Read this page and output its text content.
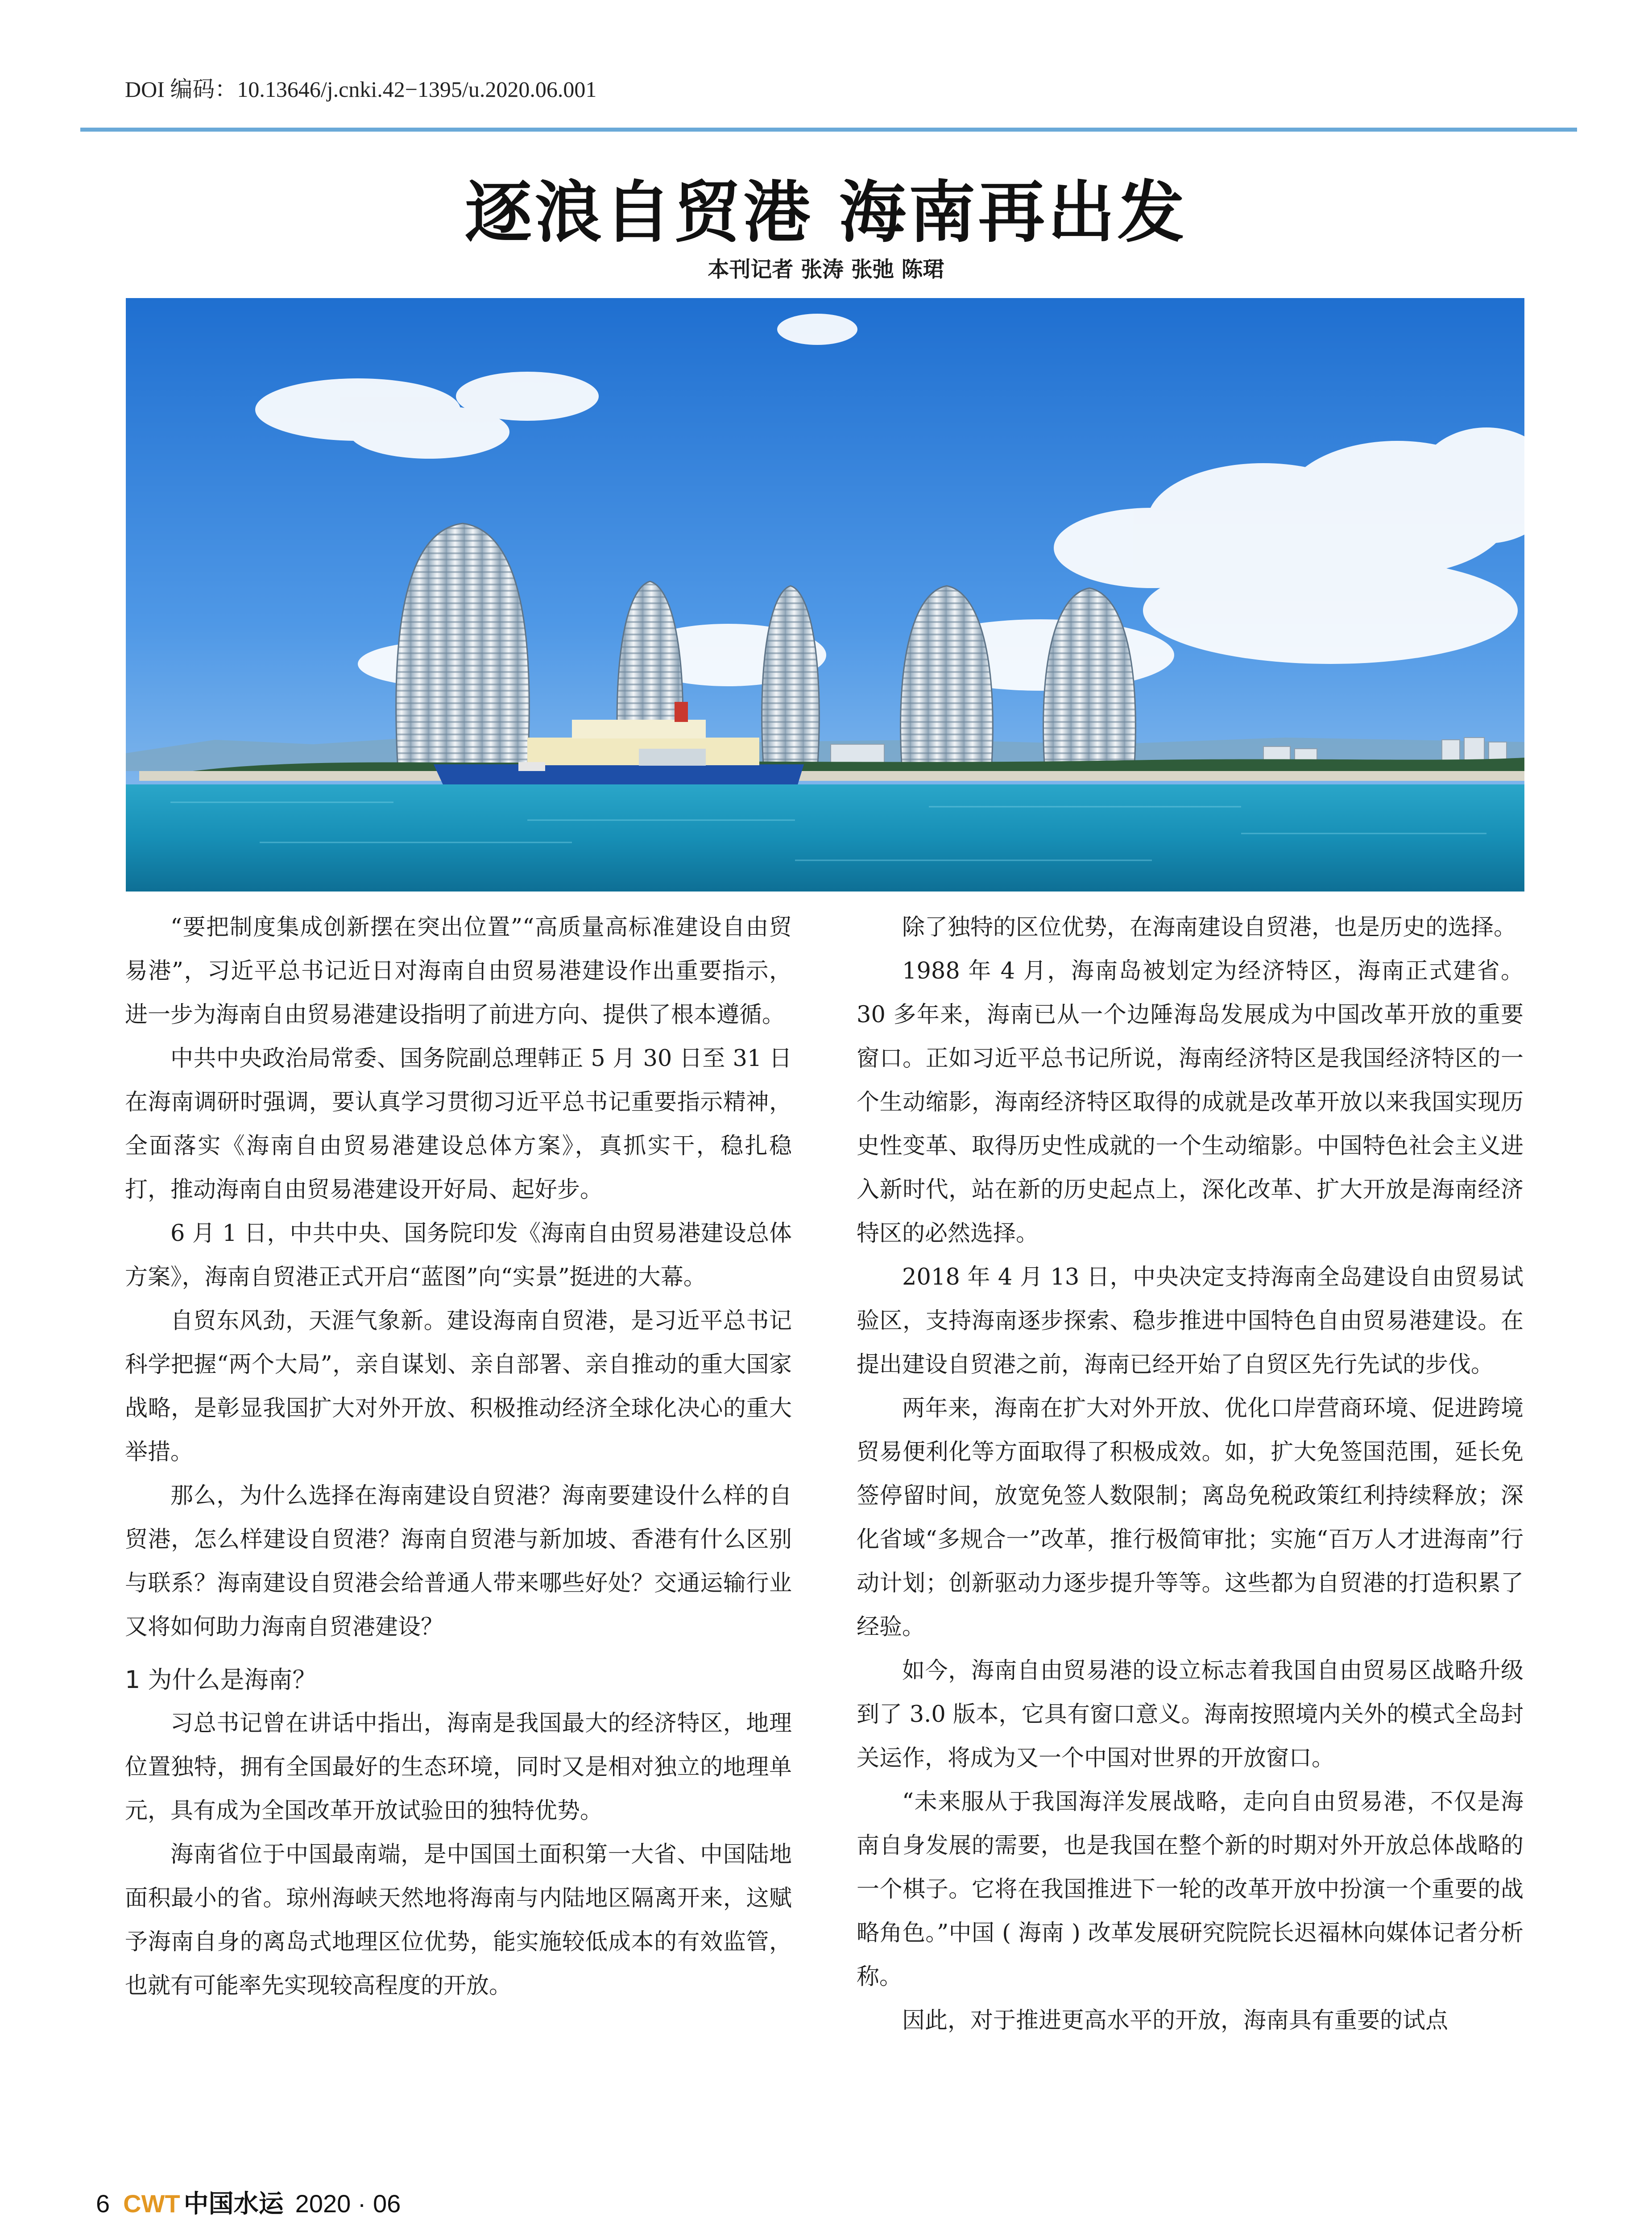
DOI 编码：10.13646/j.cnki.42−1395/u.2020.06.001
逐浪自贸港 海南再出发
本刊记者 张涛 张弛 陈珺

“要把制度集成创新摆在突出位置”“高质量高标准建设自由贸易港”，习近平总书记近日对海南自由贸易港建设作出重要指示，进一步为海南自由贸易港建设指明了前进方向、提供了根本遵循。

中共中央政治局常委、国务院副总理韩正 5 月 30 日至 31 日在海南调研时强调，要认真学习贯彻习近平总书记重要指示精神，全面落实《海南自由贸易港建设总体方案》，真抓实干，稳扎稳打，推动海南自由贸易港建设开好局、起好步。

6 月 1 日，中共中央、国务院印发《海南自由贸易港建设总体方案》，海南自贸港正式开启“蓝图”向“实景”挺进的大幕。

自贸东风劲，天涯气象新。建设海南自贸港，是习近平总书记科学把握“两个大局”，亲自谋划、亲自部署、亲自推动的重大国家战略，是彰显我国扩大对外开放、积极推动经济全球化决心的重大举措。

那么，为什么选择在海南建设自贸港？海南要建设什么样的自贸港，怎么样建设自贸港？海南自贸港与新加坡、香港有什么区别与联系？海南建设自贸港会给普通人带来哪些好处？交通运输行业又将如何助力海南自贸港建设？

1 为什么是海南？

习总书记曾在讲话中指出，海南是我国最大的经济特区，地理位置独特，拥有全国最好的生态环境，同时又是相对独立的地理单元，具有成为全国改革开放试验田的独特优势。

海南省位于中国最南端，是中国国土面积第一大省、中国陆地面积最小的省。琼州海峡天然地将海南与内陆地区隔离开来，这赋予海南自身的离岛式地理区位优势，能实施较低成本的有效监管，也就有可能率先实现较高程度的开放。

除了独特的区位优势，在海南建设自贸港，也是历史的选择。

1988 年 4 月，海南岛被划定为经济特区，海南正式建省。30 多年来，海南已从一个边陲海岛发展成为中国改革开放的重要窗口。正如习近平总书记所说，海南经济特区是我国经济特区的一个生动缩影，海南经济特区取得的成就是改革开放以来我国实现历史性变革、取得历史性成就的一个生动缩影。中国特色社会主义进入新时代，站在新的历史起点上，深化改革、扩大开放是海南经济特区的必然选择。

2018 年 4 月 13 日，中央决定支持海南全岛建设自由贸易试验区，支持海南逐步探索、稳步推进中国特色自由贸易港建设。在提出建设自贸港之前，海南已经开始了自贸区先行先试的步伐。

两年来，海南在扩大对外开放、优化口岸营商环境、促进跨境贸易便利化等方面取得了积极成效。如，扩大免签国范围，延长免签停留时间，放宽免签人数限制；离岛免税政策红利持续释放；深化省域“多规合一”改革，推行极简审批；实施“百万人才进海南”行动计划；创新驱动力逐步提升等等。这些都为自贸港的打造积累了经验。

如今，海南自由贸易港的设立标志着我国自由贸易区战略升级到了 3.0 版本，它具有窗口意义。海南按照境内关外的模式全岛封关运作，将成为又一个中国对世界的开放窗口。

“未来服从于我国海洋发展战略，走向自由贸易港，不仅是海南自身发展的需要，也是我国在整个新的时期对外开放总体战略的一个棋子。它将在我国推进下一轮的改革开放中扮演一个重要的战略角色。”中国 ( 海南 ) 改革发展研究院院长迟福林向媒体记者分析称。

因此，对于推进更高水平的开放，海南具有重要的试点

6 CWT 中国水运 2020 · 06
